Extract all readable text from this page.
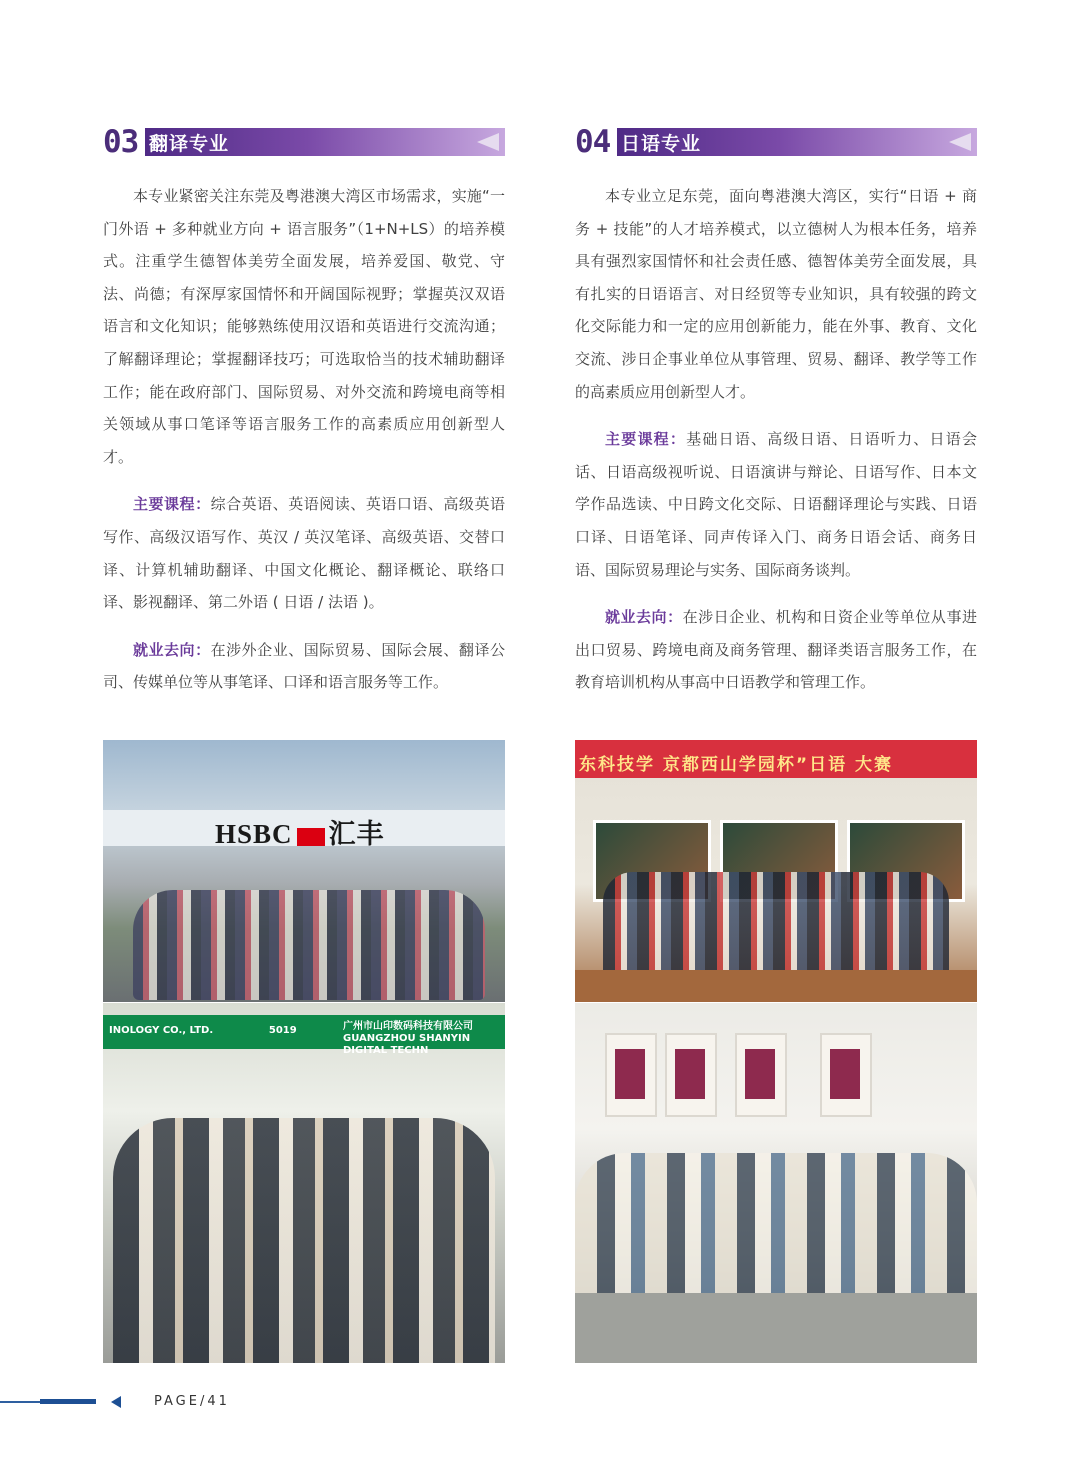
03 翻译专业

本专业紧密关注东莞及粤港澳大湾区市场需求，实施“一门外语 + 多种就业方向 + 语言服务”（1+N+LS）的培养模式。注重学生德智体美劳全面发展，培养爱国、敬党、守法、尚德；有深厚家国情怀和开阔国际视野；掌握英汉双语语言和文化知识；能够熟练使用汉语和英语进行交流沟通；了解翻译理论；掌握翻译技巧；可选取恰当的技术辅助翻译工作；能在政府部门、国际贸易、对外交流和跨境电商等相关领域从事口笔译等语言服务工作的高素质应用创新型人才。

主要课程：综合英语、英语阅读、英语口语、高级英语写作、高级汉语写作、英汉 / 英汉笔译、高级英语、交替口译、计算机辅助翻译、中国文化概论、翻译概论、联络口译、影视翻译、第二外语 ( 日语 / 法语 )。

就业去向：在涉外企业、国际贸易、国际会展、翻译公司、传媒单位等从事笔译、口译和语言服务等工作。

04 日语专业

本专业立足东莞，面向粤港澳大湾区，实行“日语 + 商务 + 技能”的人才培养模式，以立德树人为根本任务，培养具有强烈家国情怀和社会责任感、德智体美劳全面发展，具有扎实的日语语言、对日经贸等专业知识，具有较强的跨文化交际能力和一定的应用创新能力，能在外事、教育、文化交流、涉日企事业单位从事管理、贸易、翻译、教学等工作的高素质应用创新型人才。

主要课程：基础日语、高级日语、日语听力、日语会话、日语高级视听说、日语演讲与辩论、日语写作、日本文学作品选读、中日跨文化交际、日语翻译理论与实践、日语口译、日语笔译、同声传译入门、商务日语会话、商务日语、国际贸易理论与实务、国际商务谈判。

就业去向：在涉日企业、机构和日资企业等单位从事进出口贸易、跨境电商及商务管理、翻译类语言服务工作，在教育培训机构从事高中日语教学和管理工作。

HSBC 汇丰
INOLOGY CO., LTD.	5019	广州市山印数码科技有限公司
GUANGZHOU SHANYIN DIGITAL TECHN
东科技学 京都西山学园杯”日语 大赛
PAGE/41
